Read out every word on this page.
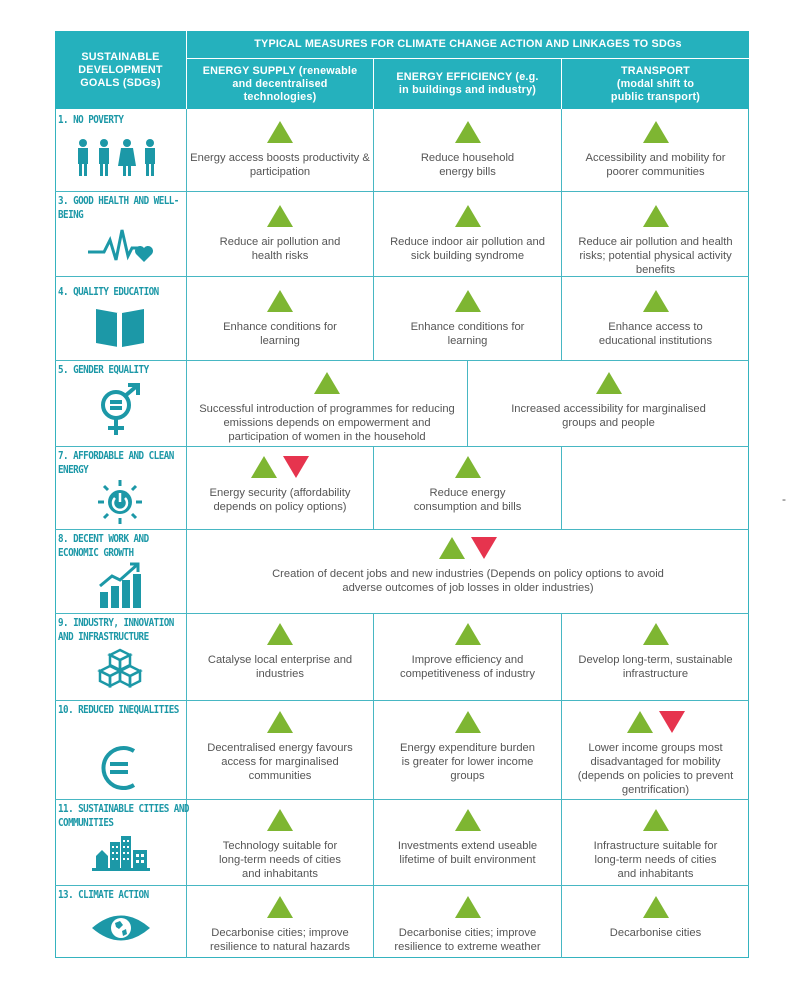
SUSTAINABLE DEVELOPMENT GOALS (SDGs)
TYPICAL MEASURES FOR CLIMATE CHANGE ACTION AND LINKAGES TO SDGs
ENERGY SUPPLY (renewable and decentralised technologies)
ENERGY EFFICIENCY (e.g. in buildings and industry)
TRANSPORT (modal shift to public transport)
1. NO POVERTY
Energy access boosts productivity & participation
Reduce household energy bills
Accessibility and mobility for poorer communities
3. GOOD HEALTH AND WELL-BEING
Reduce air pollution and health risks
Reduce indoor air pollution and sick building syndrome
Reduce air pollution and health risks; potential physical activity benefits
4. QUALITY EDUCATION
Enhance conditions for learning
Enhance conditions for learning
Enhance access to educational institutions
5. GENDER EQUALITY
Successful introduction of programmes for reducing emissions depends on empowerment and participation of women in the household
Increased accessibility for marginalised groups and people
7. AFFORDABLE AND CLEAN ENERGY
Energy security (affordability depends on policy options)
Reduce energy consumption and bills
8. DECENT WORK AND ECONOMIC GROWTH
Creation of decent jobs and new industries (Depends on policy options to avoid adverse outcomes of job losses in older industries)
9. INDUSTRY, INNOVATION AND INFRASTRUCTURE
Catalyse local enterprise and industries
Improve efficiency and competitiveness of industry
Develop long-term, sustainable infrastructure
10. REDUCED INEQUALITIES
Decentralised energy favours access for marginalised communities
Energy expenditure burden is greater for lower income groups
Lower income groups most disadvantaged for mobility (depends on policies to prevent gentrification)
11. SUSTAINABLE CITIES AND COMMUNITIES
Technology suitable for long-term needs of cities and inhabitants
Investments extend useable lifetime of built environment
Infrastructure suitable for long-term needs of cities and inhabitants
13. CLIMATE ACTION
Decarbonise cities; improve resilience to natural hazards
Decarbonise cities; improve resilience to extreme weather
Decarbonise cities
-
